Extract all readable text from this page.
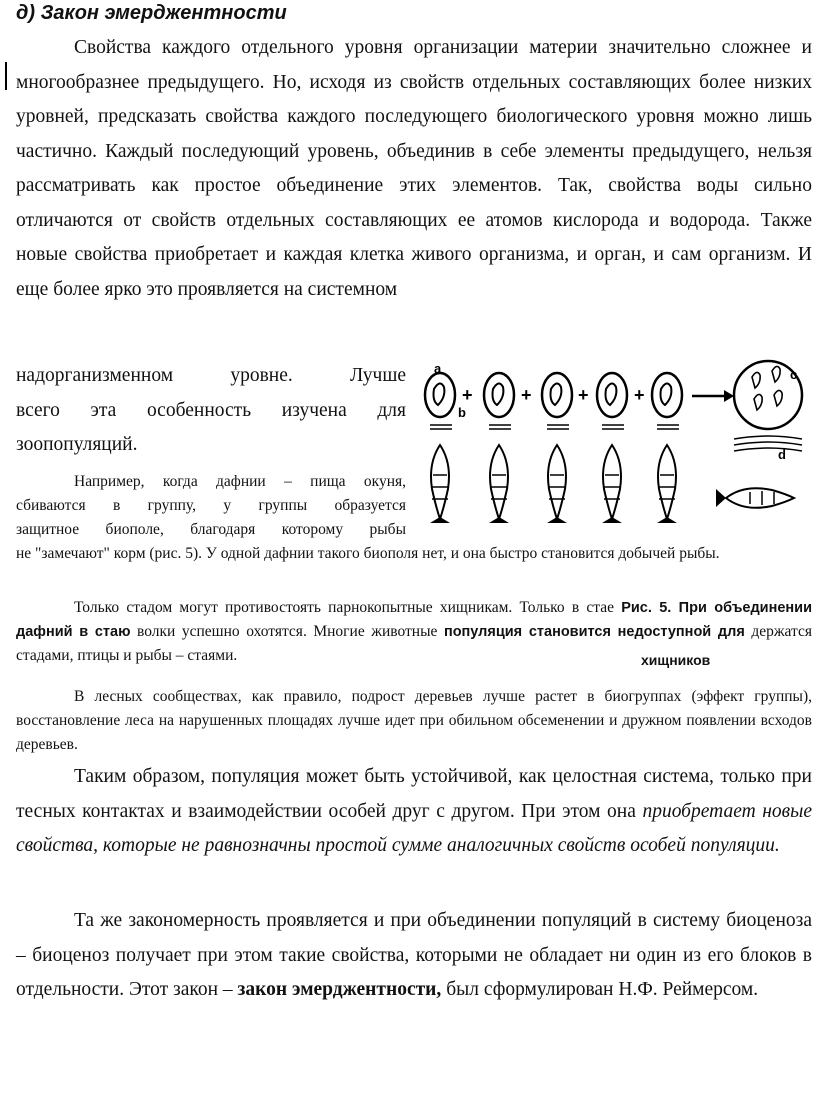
д) Закон эмерджентности

Свойства каждого отдельного уровня организации материи значительно сложнее и многообразнее предыдущего. Но, исходя из свойств отдельных составляющих более низких уровней, предсказать свойства каждого последующего биологического уровня можно лишь частично. Каждый последующий уровень, объединив в себе элементы предыдущего, нельзя рассматривать как простое объединение этих элементов. Так, свойства воды сильно отличаются от свойств отдельных составляющих ее атомов кислорода и водорода. Также новые свойства приобретает и каждая клетка живого организма, и орган, и сам организм. И еще более ярко это проявляется на системном

надорганизменном уровне. Лучше
всего эта особенность изучена для
зоопопуляций.
Например, когда дафнии – пища окуня,
сбиваются в группу, у группы образуется
защитное биополе, благодаря которому рыбы

не "замечают" корм (рис. 5). У одной дафнии такого биополя нет, и она быстро становится добычей рыбы.

+	+	+	+
a
b
c
d
Только стадом могут противостоять парнокопытные хищникам. Только в стае Рис. 5. При объединении дафний в стаю волки успешно охотятся. Многие животные популяция становится недоступной для держатся стадами, птицы и рыбы – стаями.	хищников

В лесных сообществах, как правило, подрост деревьев лучше растет в биогруппах (эффект группы), восстановление леса на нарушенных площадях лучше идет при обильном обсеменении и дружном появлении всходов деревьев.

Таким образом, популяция может быть устойчивой, как целостная система, только при тесных контактах и взаимодействии особей друг с другом. При этом она приобретает новые свойства, которые не равнозначны простой сумме аналогичных свойств особей популяции.

Та же закономерность проявляется и при объединении популяций в систему биоценоза – биоценоз получает при этом такие свойства, которыми не обладает ни один из его блоков в отдельности. Этот закон – закон эмерджентности, был сформулирован Н.Ф. Реймерсом.
